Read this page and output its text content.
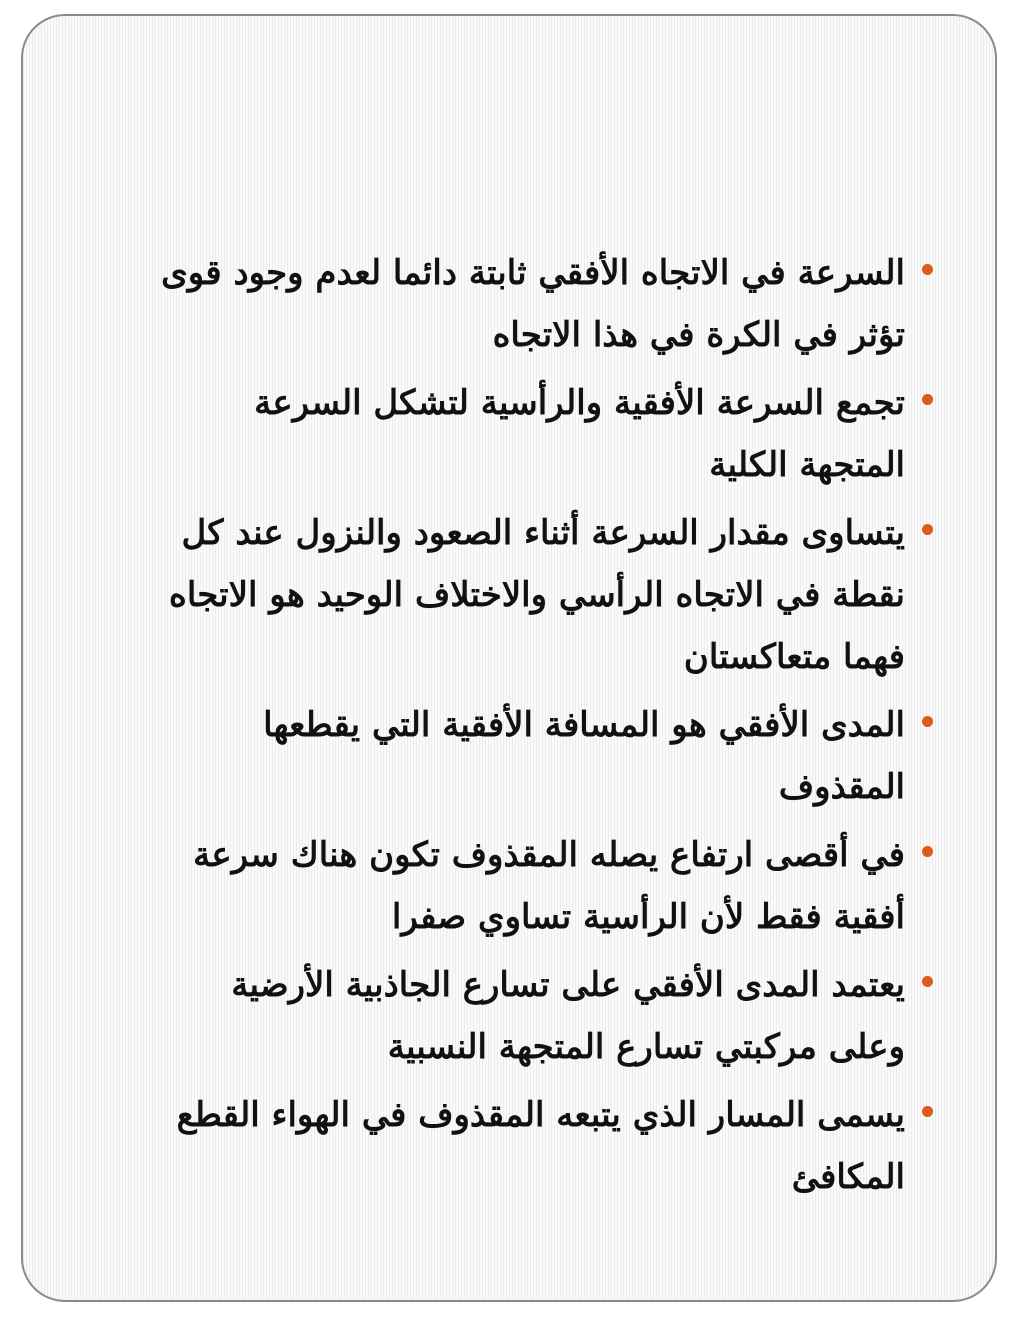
السرعة في الاتجاه الأفقي ثابتة دائما لعدم وجود قوى تؤثر في الكرة في هذا الاتجاه
تجمع السرعة الأفقية والرأسية لتشكل السرعة المتجهة الكلية
يتساوى مقدار السرعة أثناء الصعود والنزول عند كل نقطة في الاتجاه الرأسي والاختلاف الوحيد هو الاتجاه فهما متعاكستان
المدى الأفقي هو المسافة الأفقية التي يقطعها المقذوف
في أقصى ارتفاع يصله المقذوف تكون هناك سرعة أفقية فقط لأن الرأسية تساوي صفرا
يعتمد المدى الأفقي على تسارع الجاذبية الأرضية وعلى مركبتي تسارع المتجهة النسبية
يسمى المسار الذي يتبعه المقذوف في الهواء القطع المكافئ
